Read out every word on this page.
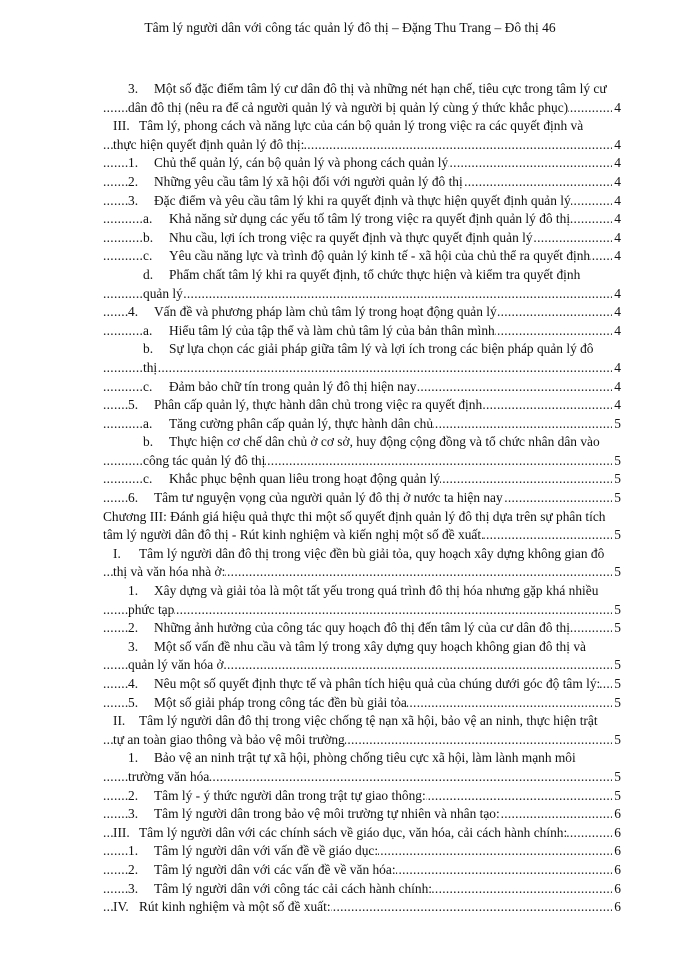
Tâm lý người dân với công tác quản lý đô thị – Đặng Thu Trang – Đô thị 46
..... 3. Một số đặc điểm tâm lý cư dân đô thị và những nét hạn chế, tiêu cực trong tâm lý cư dân đô thị (nêu ra để cả người quản lý và người bị quản lý cùng ý thức khắc phục)	4
..... III. Tâm lý, phong cách và năng lực của cán bộ quản lý trong việc ra các quyết định và thực hiện quyết định quản lý đô thị:	4
..... 1. Chủ thể quản lý, cán bộ quản lý và phong cách quản lý	4
..... 2. Những yêu cầu tâm lý xã hội đối với người quản lý đô thị	4
..... 3. Đặc điểm và yêu cầu tâm lý khi ra quyết định và thực hiện quyết định quản lý	4
..... a. Khả năng sử dụng các yếu tố tâm lý trong việc ra quyết định quản lý đô thị	4
..... b. Nhu cầu, lợi ích trong việc ra quyết định và thực quyết định quản lý	4
..... c. Yêu cầu năng lực và trình độ quản lý kinh tế - xã hội của chủ thể ra quyết định	4
..... d. Phẩm chất tâm lý khi ra quyết định, tổ chức thực hiện và kiểm tra quyết định quản lý	4
..... 4. Vấn đề và phương pháp làm chủ tâm lý trong hoạt động quản lý	4
..... a. Hiểu tâm lý của tập thể và làm chủ tâm lý của bản thân mình	4
..... b. Sự lựa chọn các giải pháp giữa tâm lý và lợi ích trong các biện pháp quản lý đô thị	4
..... c. Đảm bảo chữ tín trong quản lý đô thị hiện nay	4
..... 5. Phân cấp quản lý, thực hành dân chủ trong việc ra quyết định	4
..... a. Tăng cường phân cấp quản lý, thực hành dân chủ	5
..... b. Thực hiện cơ chế dân chủ ở cơ sở, huy động cộng đồng và tổ chức nhân dân vào công tác quản lý đô thị	5
..... c. Khắc phục bệnh quan liêu trong hoạt động quản lý	5
..... 6. Tâm tư nguyện vọng của người quản lý đô thị ở nước ta hiện nay	5
..... Chương III: Đánh giá hiệu quả thực thi một số quyết định quản lý đô thị dựa trên sự phân tích tâm lý người dân đô thị - Rút kinh nghiệm và kiến nghị một số đề xuất.	5
..... I. Tâm lý người dân đô thị trong việc đền bù giải tỏa, quy hoạch xây dựng không gian đô thị và văn hóa nhà ở:	5
..... 1. Xây dựng và giải tỏa là một tất yếu trong quá trình đô thị hóa nhưng gặp khá nhiều phức tạp	5
..... 2. Những ảnh hưởng của công tác quy hoạch đô thị đến tâm lý của cư dân đô thị	5
..... 3. Một số vấn đề nhu cầu và tâm lý trong xây dựng quy hoạch không gian đô thị và quản lý văn hóa ở	5
..... 4. Nêu một số quyết định thực tế và phân tích hiệu quả của chúng dưới góc độ tâm lý:	5
..... 5. Một số giải pháp trong công tác đền bù giải tỏa	5
..... II. Tâm lý người dân đô thị trong việc chống tệ nạn xã hội, bảo vệ an ninh, thực hiện trật tự an toàn giao thông và bảo vệ môi trường	5
..... 1. Bảo vệ an ninh trật tự xã hội, phòng chống tiêu cực xã hội, làm lành mạnh môi trường văn hóa	5
..... 2. Tâm lý - ý thức người dân trong trật tự giao thông:	5
..... 3. Tâm lý người dân trong bảo vệ môi trường tự nhiên và nhân tạo:	6
..... III. Tâm lý người dân với các chính sách về giáo dục, văn hóa, cải cách hành chính:	6
..... 1. Tâm lý người dân với vấn đề về giáo dục:	6
..... 2. Tâm lý người dân với các vấn đề về văn hóa:	6
..... 3. Tâm lý người dân với công tác cải cách hành chính:	6
..... IV. Rút kinh nghiệm và một số đề xuất:	6
